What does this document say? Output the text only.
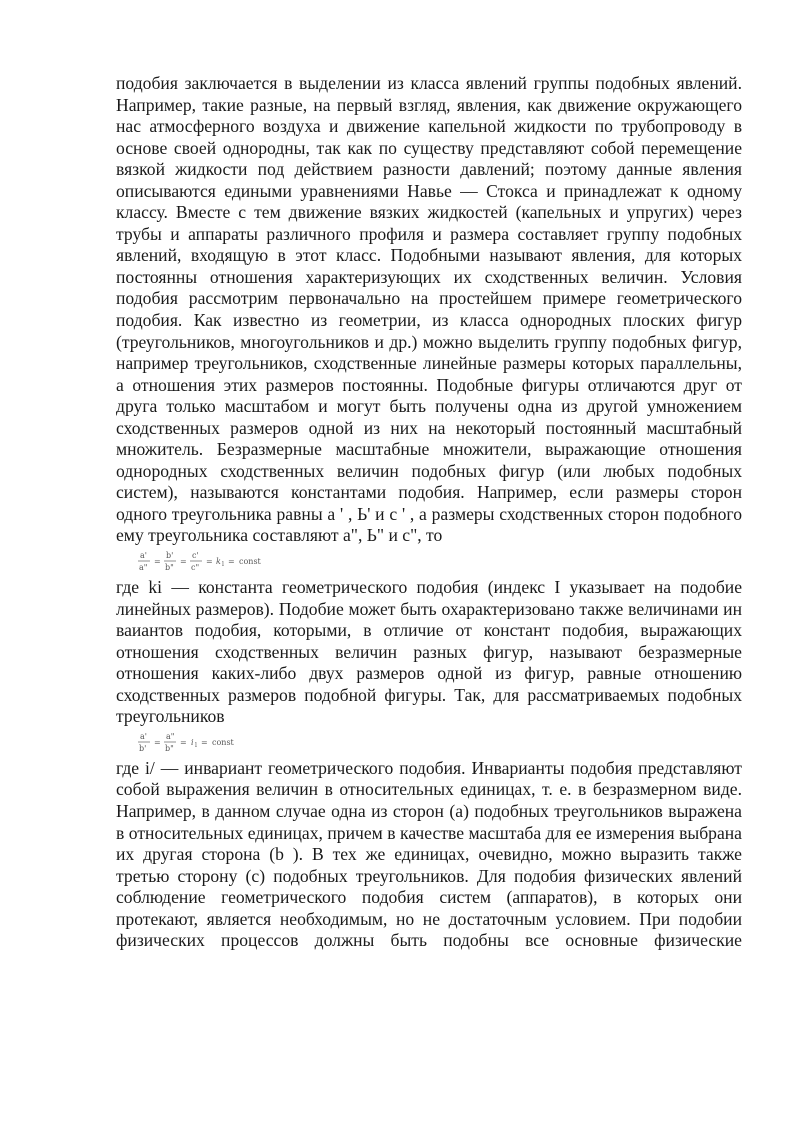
подобия заключается в выделении из класса явлений группы подобных явлений. Например, такие разные, на первый взгляд, явления, как движение окружающего нас атмосферного воздуха и движение капельной жидкости по трубопроводу в основе своей однородны, так как по существу представляют собой перемещение вязкой жидкости под действием разности давлений; поэтому данные явления описываются едиными уравнениями Навье — Стокса и принадлежат к одному классу. Вместе с тем движение вязких жидкостей (капельных и упругих) через трубы и аппараты различного профиля и размера составляет группу подобных явлений, входящую в этот класс. Подобными называют явления, для которых постоянны отношения характеризующих их сходственных величин. Условия подобия рассмотрим первоначально на простейшем примере геометрического подобия. Как известно из геометрии, из класса однородных плоских фигур (треугольников, многоугольников и др.) можно выделить группу подобных фигур, например треугольников, сходственные линейные размеры которых параллельны, а отношения этих размеров постоянны. Подобные фигуры отличаются друг от друга только масштабом и могут быть получены одна из другой умножением сходственных размеров одной из них на некоторый постоянный масштабный множитель. Безразмерные масштабные множители, выражающие отношения однородных сходственных величин подобных фигур (или любых подобных систем), называются константами подобия. Например, если размеры сторон одного треугольника равны а ' , Ь' и с ' , а размеры сходственных сторон подобного ему треугольника составляют а", Ь" и с", то

a'
a"
=
b'
b"
=
c'
c"
= k l = const

где ki — константа геометрического подобия (индекс I указывает на подобие линейных размеров). Подобие может быть охарактеризовано также величинами ин ваиантов подобия, которыми, в отличие от констант подобия, выражающих отношения сходственных величин разных фигур, называют безразмерные отношения каких-либо двух размеров одной из фигур, равные отношению сходственных размеров подобной фигуры. Так, для рассматриваемых подобных треугольников

a'
b'
=
a"
b"
= i l = const

где i/ — инвариант геометрического подобия. Инварианты подобия представляют собой выражения величин в относительных единицах, т. е. в безразмерном виде. Например, в данном случае одна из сторон (а) подобных треугольников выражена в относительных единицах, причем в качестве масштаба для ее измерения выбрана их другая сторона (b ). В тех же единицах, очевидно, можно выразить также третью сторону (с) подобных треугольников. Для подобия физических явлений соблюдение геометрического подобия систем (аппаратов), в которых они протекают, является необходимым, но не достаточным условием. При подобии физических процессов должны быть подобны все основные физические
